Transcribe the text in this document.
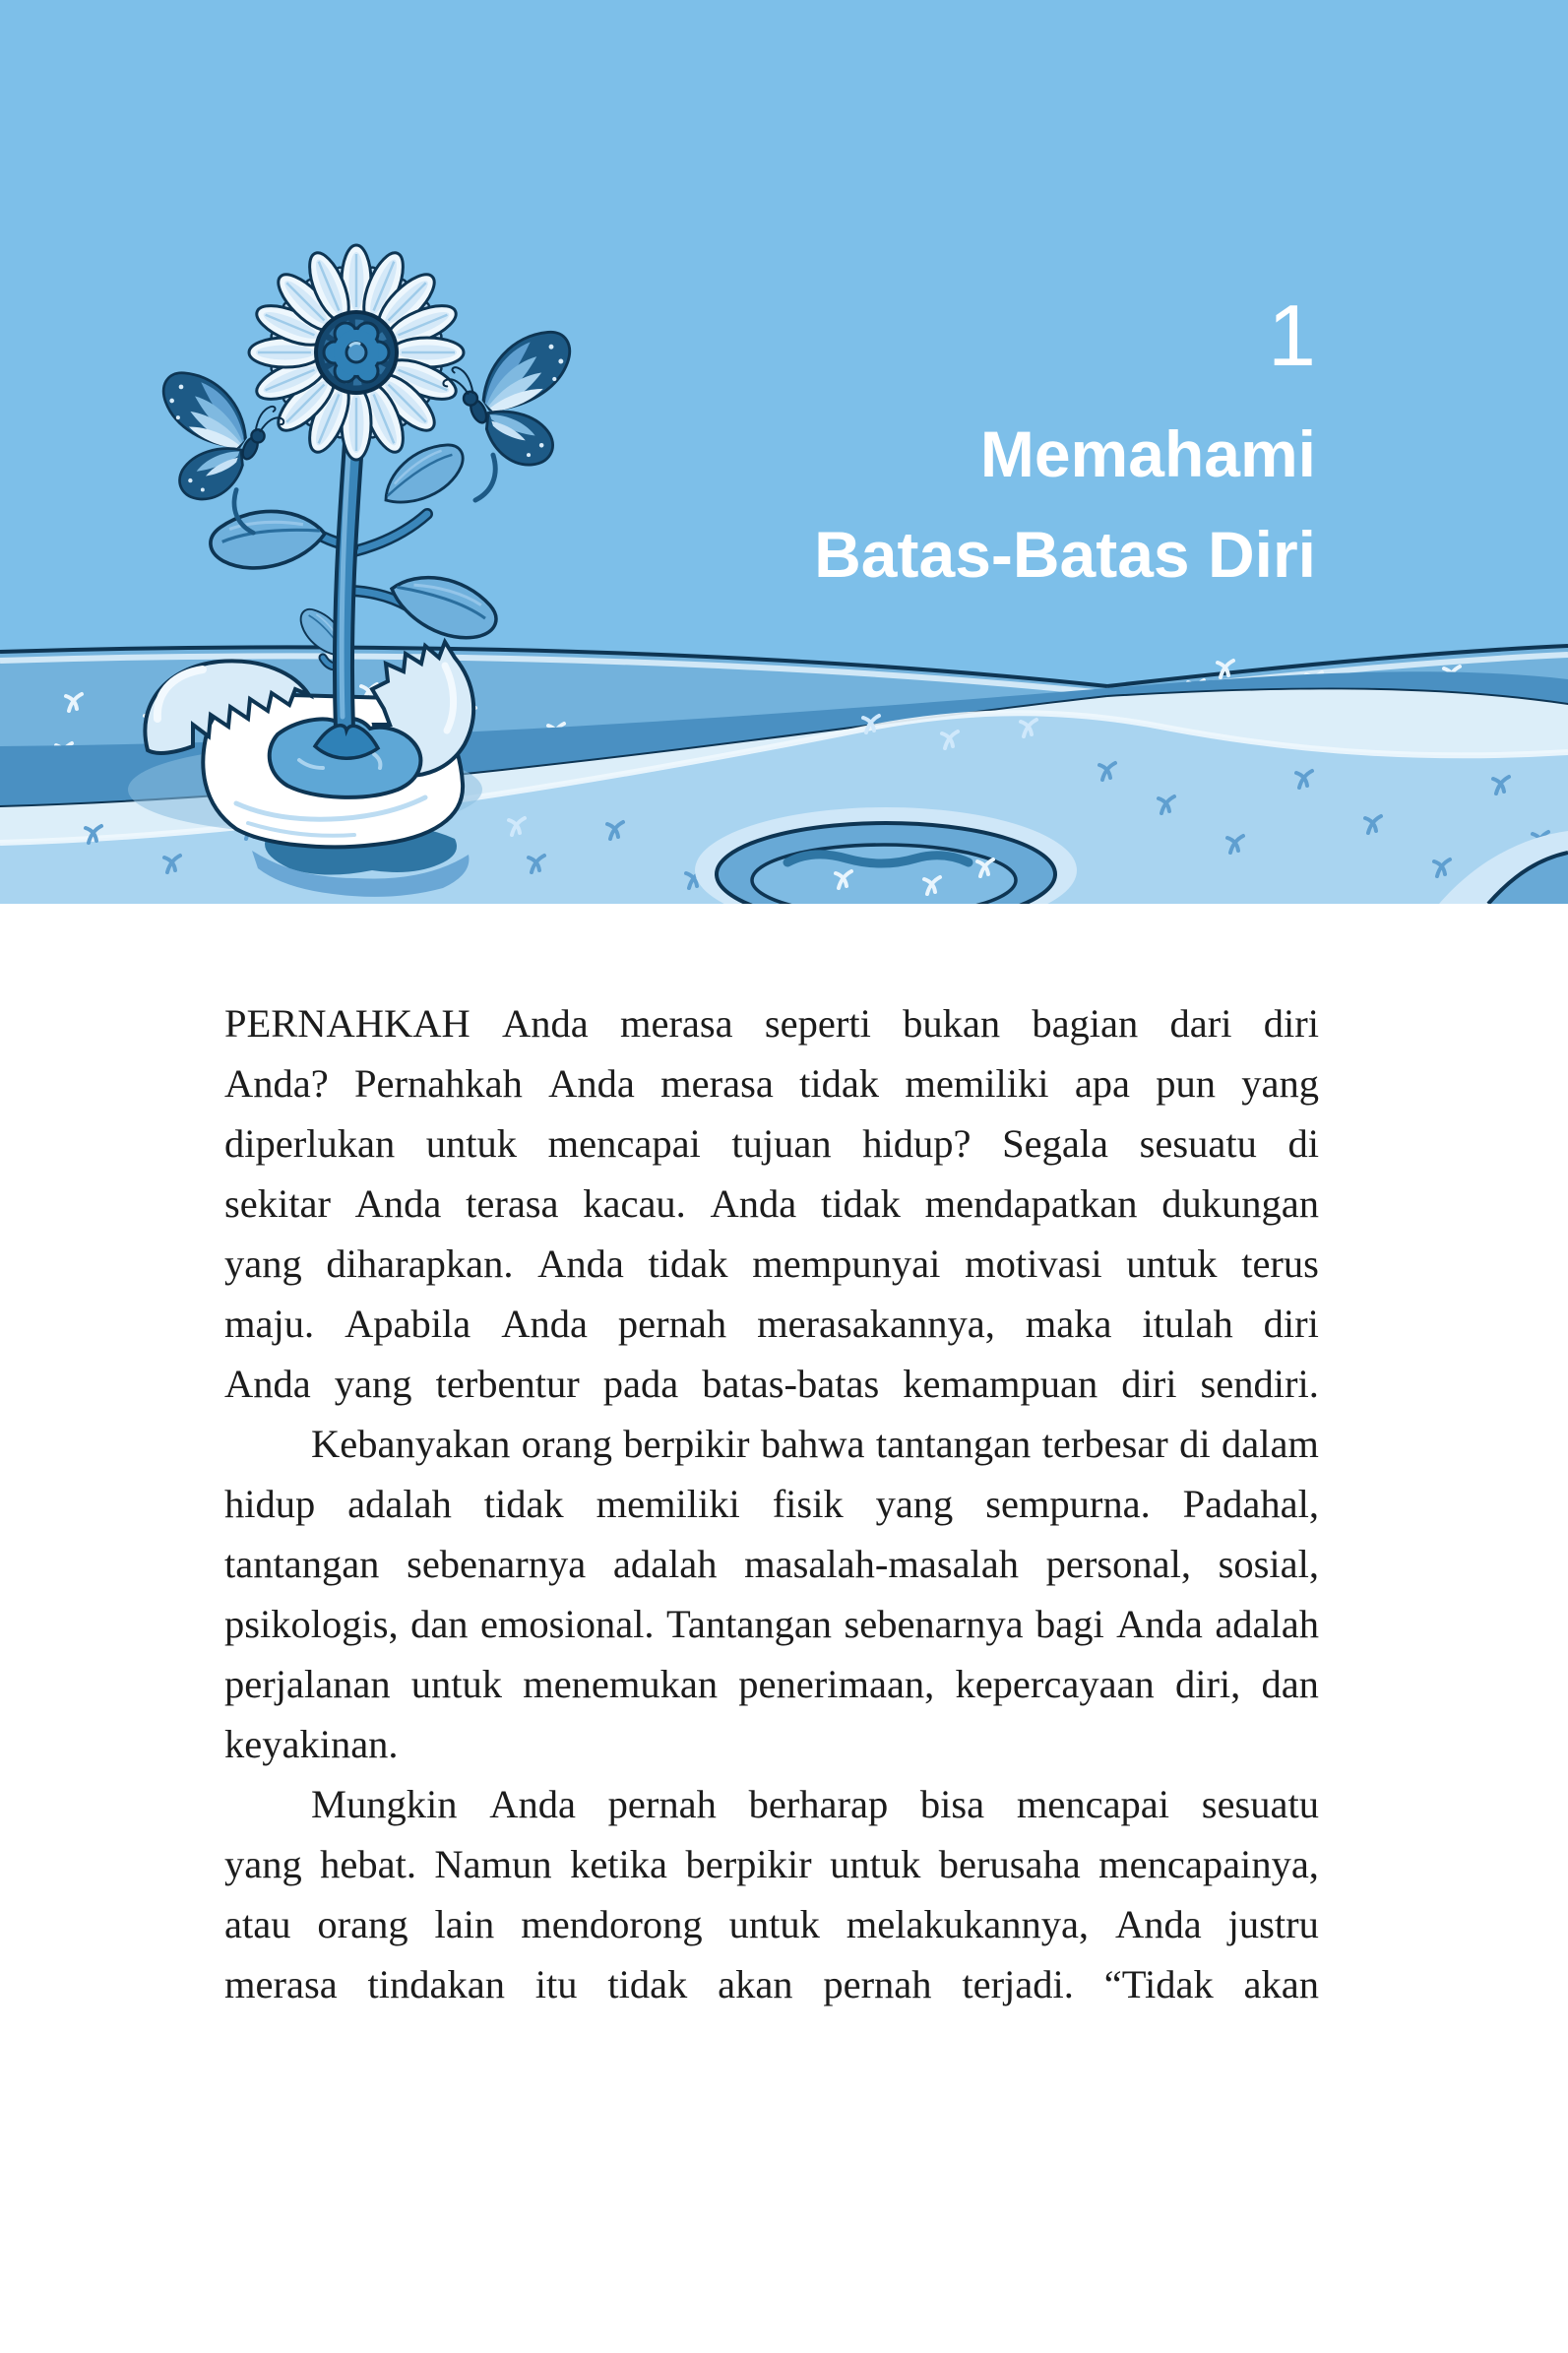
1
Memahami
Batas-Batas Diri
PERNAHKAH Anda merasa seperti bukan bagian dari diri
Anda? Pernahkah Anda merasa tidak memiliki apa pun yang
diperlukan untuk mencapai tujuan hidup? Segala sesuatu di
sekitar Anda terasa kacau. Anda tidak mendapatkan dukungan
yang diharapkan. Anda tidak mempunyai motivasi untuk terus
maju. Apabila Anda pernah merasakannya, maka itulah diri
Anda yang terbentur pada batas-batas kemampuan diri sendiri.
Kebanyakan orang berpikir bahwa tantangan terbesar di dalam
hidup adalah tidak memiliki fisik yang sempurna. Padahal,
tantangan sebenarnya adalah masalah-masalah personal, sosial,
psikologis, dan emosional. Tantangan sebenarnya bagi Anda adalah
perjalanan untuk menemukan penerimaan, kepercayaan diri, dan
keyakinan.
Mungkin Anda pernah berharap bisa mencapai sesuatu
yang hebat. Namun ketika berpikir untuk berusaha mencapainya,
atau orang lain mendorong untuk melakukannya, Anda justru
merasa tindakan itu tidak akan pernah terjadi. “Tidak akan
